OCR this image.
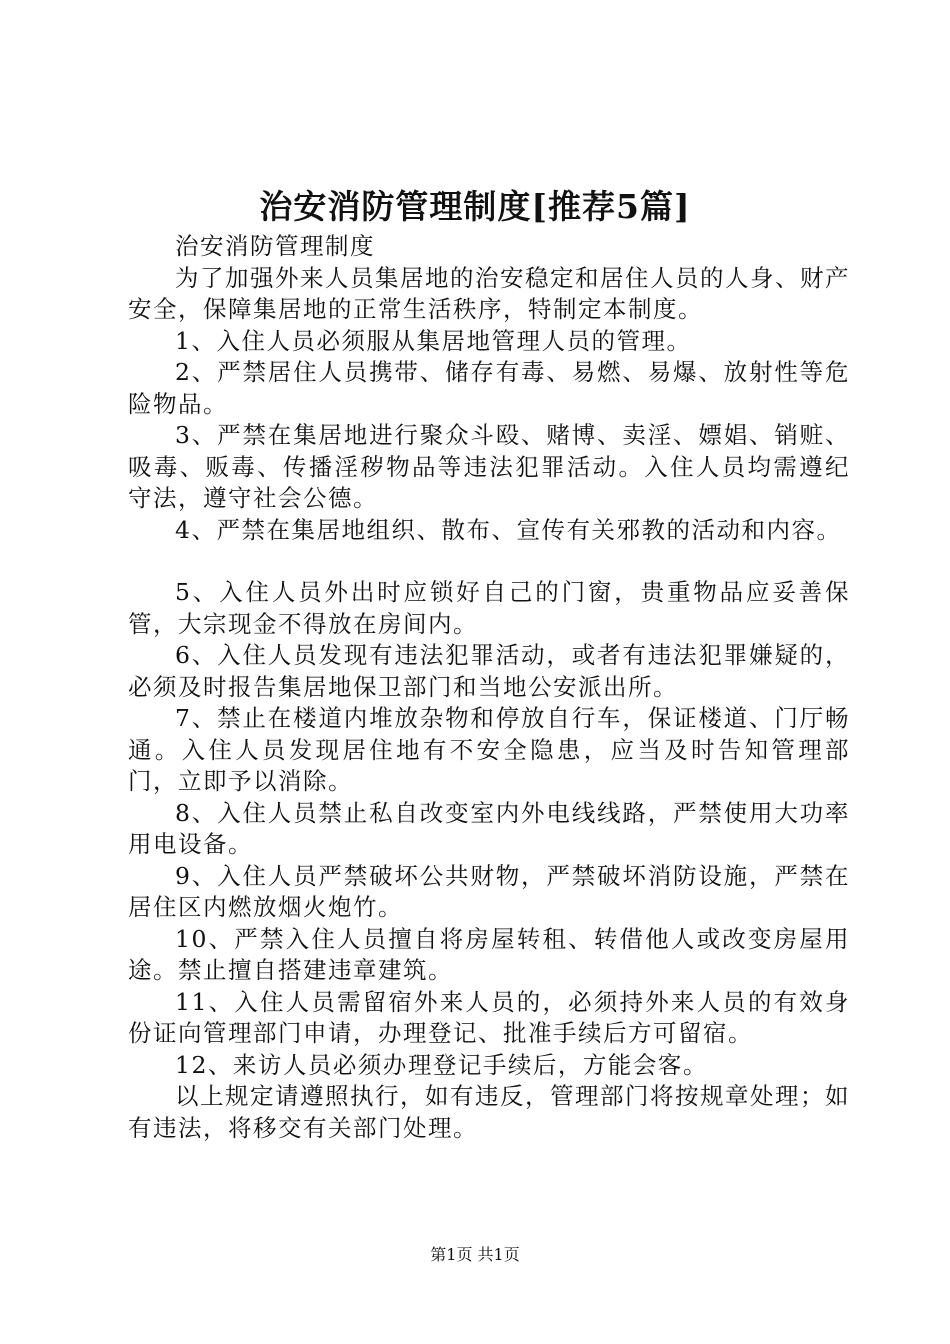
治安消防管理制度[推荐5篇]

治安消防管理制度

为了加强外来人员集居地的治安稳定和居住人员的人身、财产安全，保障集居地的正常生活秩序，特制定本制度。

1、入住人员必须服从集居地管理人员的管理。

2、严禁居住人员携带、储存有毒、易燃、易爆、放射性等危险物品。

3、严禁在集居地进行聚众斗殴、赌博、卖淫、嫖娼、销赃、吸毒、贩毒、传播淫秽物品等违法犯罪活动。入住人员均需遵纪守法，遵守社会公德。

4、严禁在集居地组织、散布、宣传有关邪教的活动和内容。

5、入住人员外出时应锁好自己的门窗，贵重物品应妥善保管，大宗现金不得放在房间内。

6、入住人员发现有违法犯罪活动，或者有违法犯罪嫌疑的，必须及时报告集居地保卫部门和当地公安派出所。

7、禁止在楼道内堆放杂物和停放自行车，保证楼道、门厅畅通。入住人员发现居住地有不安全隐患，应当及时告知管理部门，立即予以消除。

8、入住人员禁止私自改变室内外电线线路，严禁使用大功率用电设备。

9、入住人员严禁破坏公共财物，严禁破坏消防设施，严禁在居住区内燃放烟火炮竹。

10、严禁入住人员擅自将房屋转租、转借他人或改变房屋用途。禁止擅自搭建违章建筑。

11、入住人员需留宿外来人员的，必须持外来人员的有效身份证向管理部门申请，办理登记、批准手续后方可留宿。

12、来访人员必须办理登记手续后，方能会客。

以上规定请遵照执行，如有违反，管理部门将按规章处理；如有违法，将移交有关部门处理。

第1页 共1页
